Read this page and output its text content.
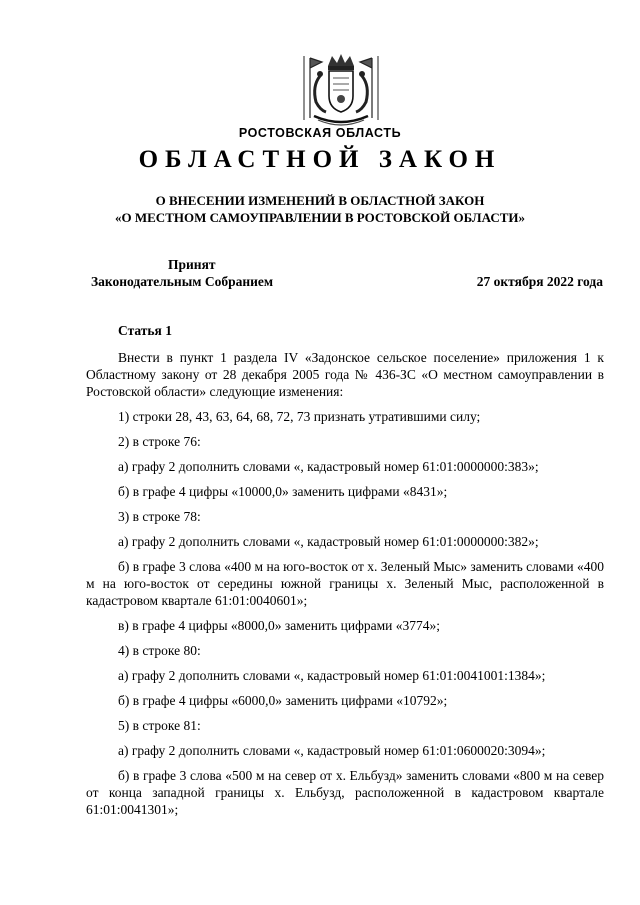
РОСТОВСКАЯ ОБЛАСТЬ
ОБЛАСТНОЙ ЗАКОН
О ВНЕСЕНИИ ИЗМЕНЕНИЙ В ОБЛАСТНОЙ ЗАКОН
«О МЕСТНОМ САМОУПРАВЛЕНИИ В РОСТОВСКОЙ ОБЛАСТИ»
Принят
Законодательным Собранием	27 октября 2022 года
Статья 1

Внести в пункт 1 раздела IV «Задонское сельское поселение» приложения 1 к Областному закону от 28 декабря 2005 года № 436-ЗС «О местном самоуправлении в Ростовской области» следующие изменения:

1) строки 28, 43, 63, 64, 68, 72, 73 признать утратившими силу;

2) в строке 76:

а) графу 2 дополнить словами «, кадастровый номер 61:01:0000000:383»;

б) в графе 4 цифры «10000,0» заменить цифрами «8431»;

3) в строке 78:

а) графу 2 дополнить словами «, кадастровый номер 61:01:0000000:382»;

б) в графе 3 слова «400 м на юго-восток от х. Зеленый Мыс» заменить словами «400 м на юго-восток от середины южной границы х. Зеленый Мыс, расположенной в кадастровом квартале 61:01:0040601»;

в) в графе 4 цифры «8000,0» заменить цифрами «3774»;

4) в строке 80:

а) графу 2 дополнить словами «, кадастровый номер 61:01:0041001:1384»;

б) в графе 4 цифры «6000,0» заменить цифрами «10792»;

5) в строке 81:

а) графу 2 дополнить словами «, кадастровый номер 61:01:0600020:3094»;

б) в графе 3 слова «500 м на север от х. Ельбузд» заменить словами «800 м на север от конца западной границы х. Ельбузд, расположенной в кадастровом квартале 61:01:0041301»;
